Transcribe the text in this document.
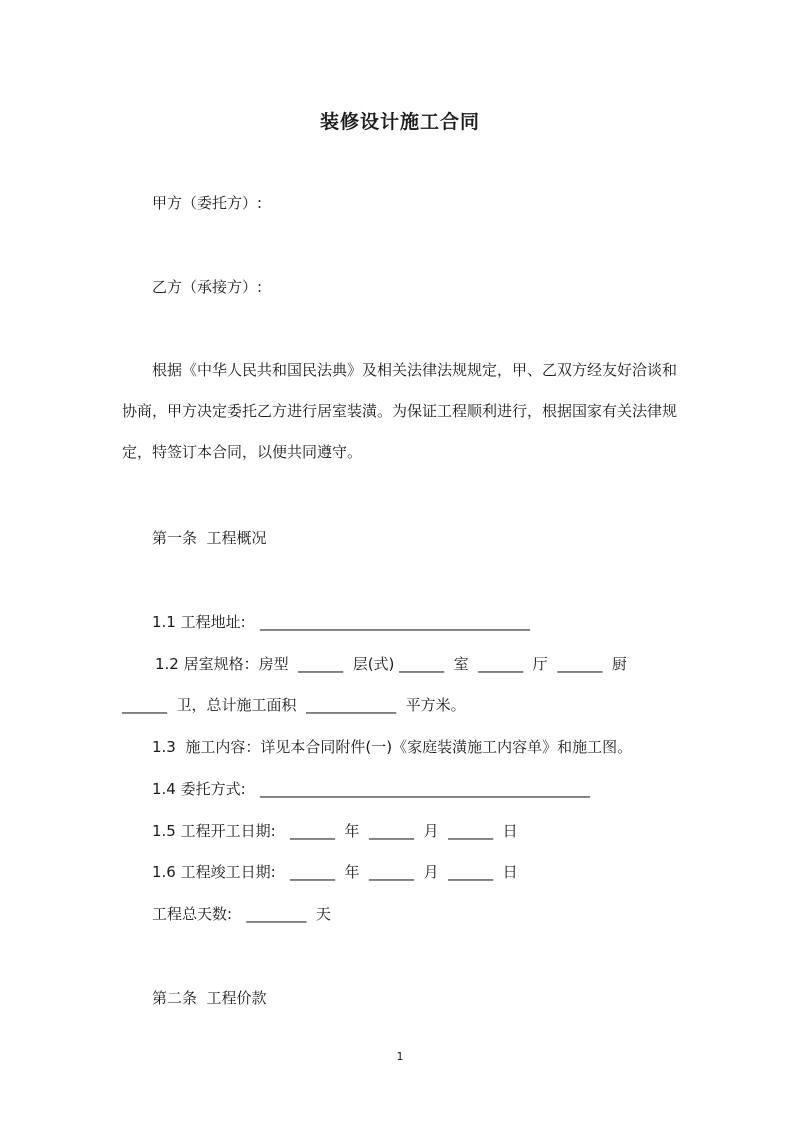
装修设计施工合同
甲方（委托方）:
乙方（承接方）:
根据《中华人民共和国民法典》及相关法律法规规定，甲、乙双方经友好洽谈和协商，甲方决定委托乙方进行居室装潢。为保证工程顺利进行，根据国家有关法律规定，特签订本合同，以便共同遵守。
第一条  工程概况
1.1 工程地址:   ____________________________________
1.2 居室规格：房型  ______  层(式) ______  室  ______  厅  ______  厨
______  卫，总计施工面积  ____________  平方米。
1.3  施工内容：详见本合同附件(一)《家庭装潢施工内容单》和施工图。
1.4 委托方式:   ____________________________________________
1.5 工程开工日期:   ______  年  ______  月  ______  日
1.6 工程竣工日期:   ______  年  ______  月  ______  日
工程总天数:   ________  天
第二条  工程价款
1
